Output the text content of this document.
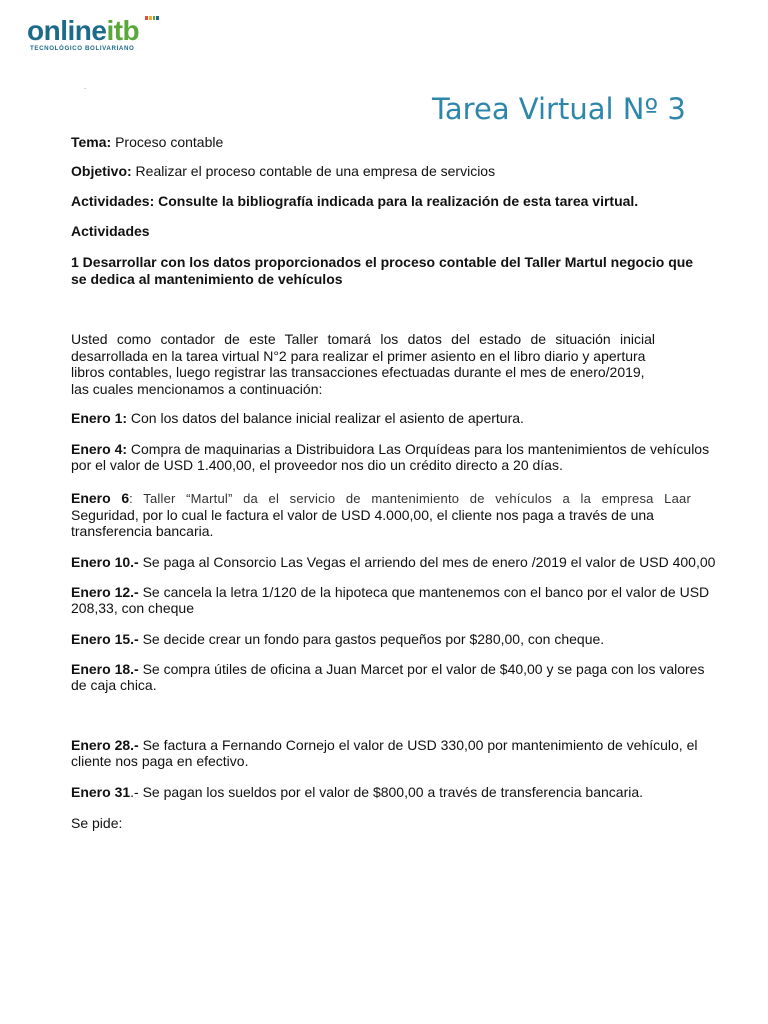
onlineitb
TECNOLÓGICO BOLIVARIANO
.
Tarea Virtual Nº 3
Tema: Proceso contable
Objetivo: Realizar el proceso contable de una empresa de servicios
Actividades: Consulte la bibliografía indicada para la realización de esta tarea virtual.
Actividades
1 Desarrollar con los datos proporcionados el proceso contable del Taller Martul negocio que se dedica al mantenimiento de vehículos
Usted como contador de este Taller tomará los datos del estado de situación inicial
desarrollada en la tarea virtual N°2 para realizar el primer asiento en el libro diario y apertura
libros contables, luego registrar las transacciones efectuadas durante el mes de enero/2019,
las cuales mencionamos a continuación:
Enero 1: Con los datos del balance inicial realizar el asiento de apertura.
Enero 4: Compra de maquinarias a Distribuidora Las Orquídeas para los mantenimientos de vehículos por el valor de USD 1.400,00, el proveedor nos dio un crédito directo a 20 días.
Enero 6: Taller “Martul” da el servicio de mantenimiento de vehículos a la empresa Laar
Seguridad, por lo cual le factura el valor de USD 4.000,00, el cliente nos paga a través de una transferencia bancaria.
Enero 10.- Se paga al Consorcio Las Vegas el arriendo del mes de enero /2019 el valor de USD 400,00
Enero 12.- Se cancela la letra 1/120 de la hipoteca que mantenemos con el banco por el valor de USD 208,33, con cheque
Enero 15.- Se decide crear un fondo para gastos pequeños por $280,00, con cheque.
Enero 18.- Se compra útiles de oficina a Juan Marcet por el valor de $40,00 y se paga con los valores de caja chica.
Enero 28.- Se factura a Fernando Cornejo el valor de USD 330,00 por mantenimiento de vehículo, el cliente nos paga en efectivo.
Enero 31.- Se pagan los sueldos por el valor de $800,00 a través de transferencia bancaria.
Se pide:
